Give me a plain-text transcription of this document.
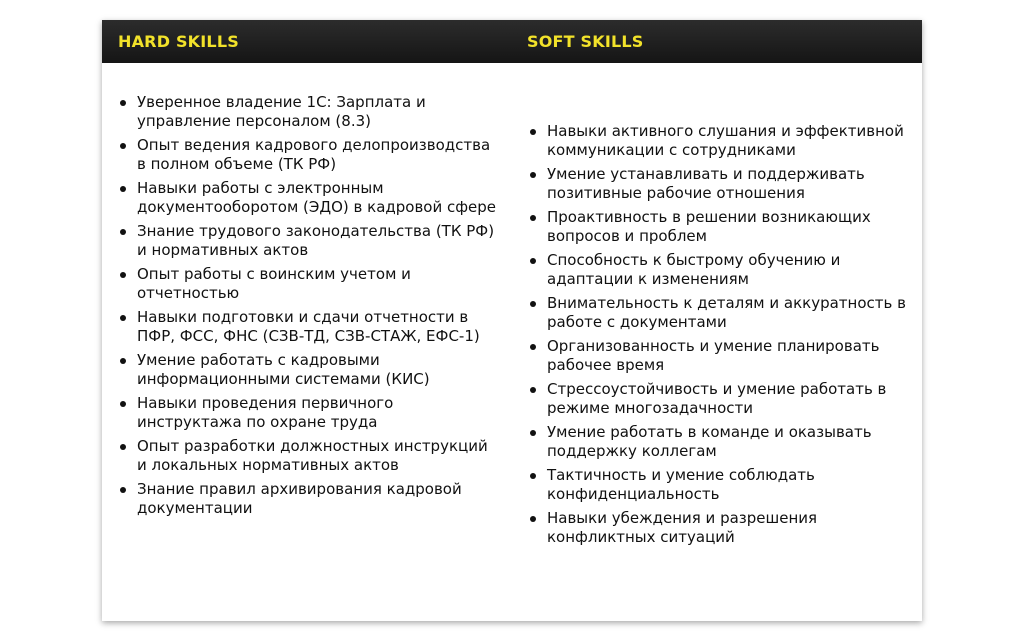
HARD SKILLS	SOFT SKILLS
Уверенное владение 1С: Зарплата и управление персоналом (8.3)
Опыт ведения кадрового делопроизводства в полном объеме (ТК РФ)
Навыки работы с электронным документооборотом (ЭДО) в кадровой сфере
Знание трудового законодательства (ТК РФ) и нормативных актов
Опыт работы с воинским учетом и отчетностью
Навыки подготовки и сдачи отчетности в ПФР, ФСС, ФНС (СЗВ-ТД, СЗВ-СТАЖ, ЕФС-1)
Умение работать с кадровыми информационными системами (КИС)
Навыки проведения первичного инструктажа по охране труда
Опыт разработки должностных инструкций и локальных нормативных актов
Знание правил архивирования кадровой документации
Навыки активного слушания и эффективной коммуникации с сотрудниками
Умение устанавливать и поддерживать позитивные рабочие отношения
Проактивность в решении возникающих вопросов и проблем
Способность к быстрому обучению и адаптации к изменениям
Внимательность к деталям и аккуратность в работе с документами
Организованность и умение планировать рабочее время
Стрессоустойчивость и умение работать в режиме многозадачности
Умение работать в команде и оказывать поддержку коллегам
Тактичность и умение соблюдать конфиденциальность
Навыки убеждения и разрешения конфликтных ситуаций
